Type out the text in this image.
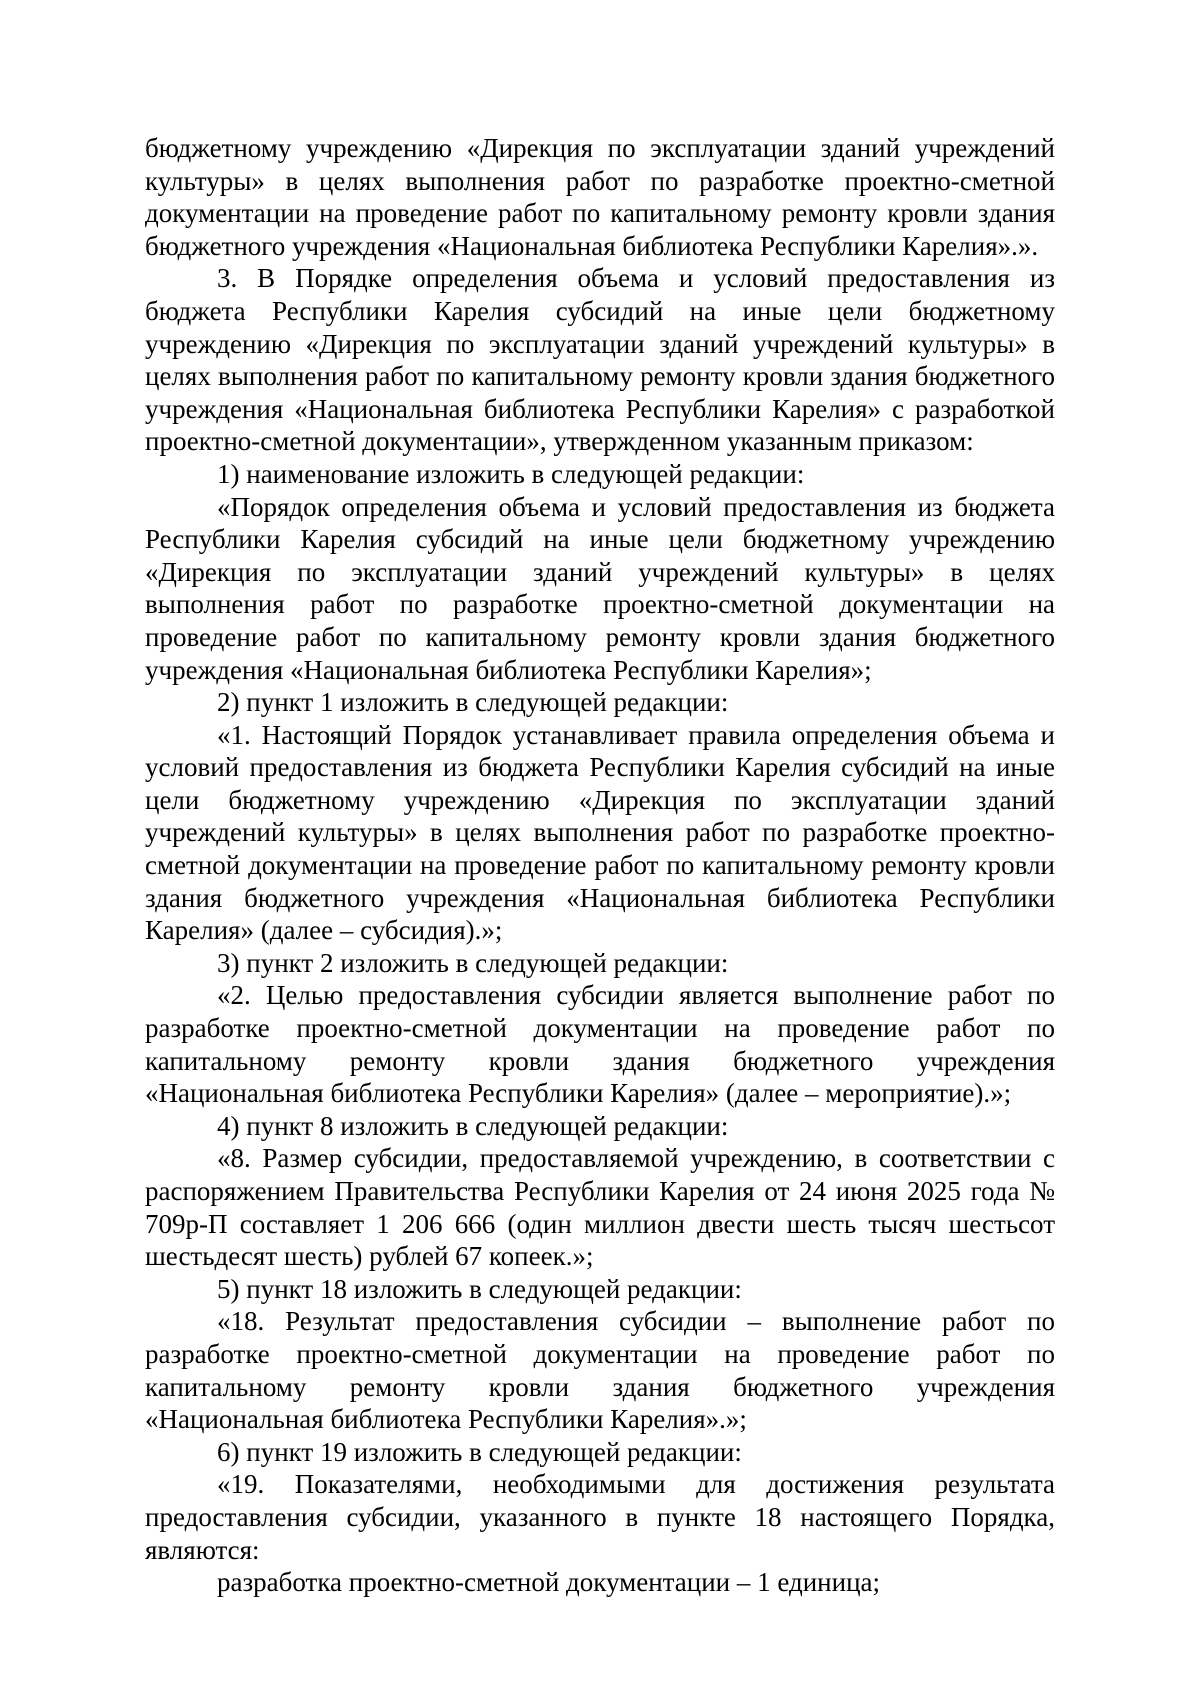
бюджетному учреждению «Дирекция по эксплуатации зданий учреждений культуры» в целях выполнения работ по разработке проектно-сметной документации на проведение работ по капитальному ремонту кровли здания бюджетного учреждения «Национальная библиотека Республики Карелия».».

3. В Порядке определения объема и условий предоставления из бюджета Республики Карелия субсидий на иные цели бюджетному учреждению «Дирекция по эксплуатации зданий учреждений культуры» в целях выполнения работ по капитальному ремонту кровли здания бюджетного учреждения «Национальная библиотека Республики Карелия» с разработкой проектно-сметной документации», утвержденном указанным приказом:

1) наименование изложить в следующей редакции:

«Порядок определения объема и условий предоставления из бюджета Республики Карелия субсидий на иные цели бюджетному учреждению «Дирекция по эксплуатации зданий учреждений культуры» в целях выполнения работ по разработке проектно-сметной документации на проведение работ по капитальному ремонту кровли здания бюджетного учреждения «Национальная библиотека Республики Карелия»;

2) пункт 1 изложить в следующей редакции:

«1. Настоящий Порядок устанавливает правила определения объема и условий предоставления из бюджета Республики Карелия субсидий на иные цели бюджетному учреждению «Дирекция по эксплуатации зданий учреждений культуры» в целях выполнения работ по разработке проектно-сметной документации на проведение работ по капитальному ремонту кровли здания бюджетного учреждения «Национальная библиотека Республики Карелия» (далее – субсидия).»;

3) пункт 2 изложить в следующей редакции:

«2. Целью предоставления субсидии является выполнение работ по разработке проектно-сметной документации на проведение работ по капитальному ремонту кровли здания бюджетного учреждения «Национальная библиотека Республики Карелия» (далее – мероприятие).»;

4) пункт 8 изложить в следующей редакции:

«8. Размер субсидии, предоставляемой учреждению, в соответствии с распоряжением Правительства Республики Карелия от 24 июня 2025 года № 709р-П составляет 1 206 666 (один миллион двести шесть тысяч шестьсот шестьдесят шесть) рублей 67 копеек.»;

5) пункт 18 изложить в следующей редакции:

«18. Результат предоставления субсидии – выполнение работ по разработке проектно-сметной документации на проведение работ по капитальному ремонту кровли здания бюджетного учреждения «Национальная библиотека Республики Карелия».»;

6) пункт 19 изложить в следующей редакции:

«19. Показателями, необходимыми для достижения результата предоставления субсидии, указанного в пункте 18 настоящего Порядка, являются:

разработка проектно-сметной документации – 1 единица;
